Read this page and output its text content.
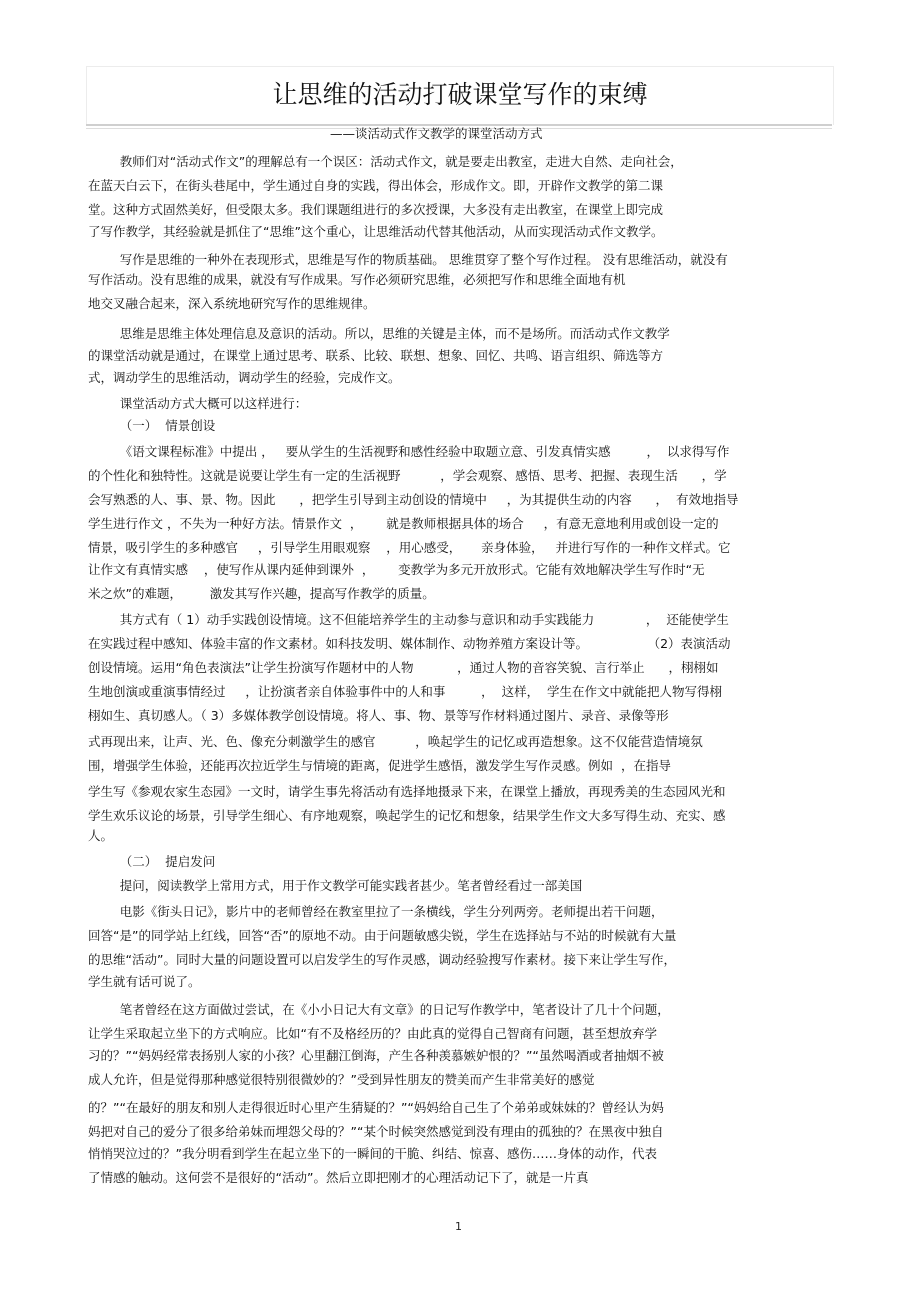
让思维的活动打破课堂写作的束缚
——谈活动式作文教学的课堂活动方式
教师们对“活动式作文”的理解总有一个误区：活动式作文，就是要走出教室，走进大自然、走向社会，
在蓝天白云下，在街头巷尾中，学生通过自身的实践，得出体会，形成作文。即，开辟作文教学的第二课
堂。这种方式固然美好，但受限太多。我们课题组进行的多次授课，大多没有走出教室，在课堂上即完成
了写作教学，其经验就是抓住了“思维”这个重心，让思维活动代替其他活动，从而实现活动式作文教学。
写作是思维的一种外在表现形式，思维是写作的物质基础。 思维贯穿了整个写作过程。 没有思维活动，就没有
写作活动。没有思维的成果，就没有写作成果。写作必须研究思维，必须把写作和思维全面地有机
地交叉融合起来，深入系统地研究写作的思维规律。
思维是思维主体处理信息及意识的活动。所以，思维的关键是主体，而不是场所。而活动式作文教学
的课堂活动就是通过，在课堂上通过思考、联系、比较、联想、想象、回忆、共鸣、语言组织、筛选等方
式，调动学生的思维活动，调动学生的经验，完成作文。
课堂活动方式大概可以这样进行：
（一）  情景创设
《语文课程标准》中提出 ，   要从学生的生活视野和感性经验中取题立意、引发真情实感         ，  以求得写作
的个性化和独特性。这就是说要让学生有一定的生活视野          ，学会观察、感悟、思考、把握、表现生活      ，学
会写熟悉的人、事、景、物。因此      ，把学生引导到主动创设的情境中     ，为其提供生动的内容      ，  有效地指导
学生进行作文 ，不失为一种好方法。情景作文  ，      就是教师根据具体的场合     ，有意无意地利用或创设一定的
情景，吸引学生的多种感官     ，引导学生用眼观察    ，用心感受，     亲身体验，   并进行写作的一种作文样式。它
让作文有真情实感    ，使写作从课内延伸到课外  ，      变教学为多元开放形式。它能有效地解决学生写作时“无
米之炊”的难题，       激发其写作兴趣，提高写作教学的质量。
其方式有（ 1）动手实践创设情境。这不但能培养学生的主动参与意识和动手实践能力             ，  还能使学生
在实践过程中感知、体验丰富的作文素材。如科技发明、媒体制作、动物养殖方案设计等。               （2）表演活动
创设情境。运用“角色表演法”让学生扮演写作题材中的人物           ，通过人物的音容笑貌、言行举止      ，栩栩如
生地创演或重演事情经过     ，让扮演者亲自体验事件中的人和事         ，  这样，  学生在作文中就能把人物写得栩
栩如生、真切感人。（ 3）多媒体教学创设情境。将人、事、物、景等写作材料通过图片、录音、录像等形
式再现出来，让声、光、色、像充分刺激学生的感官          ，唤起学生的记忆或再造想象。这不仅能营造情境氛
围，增强学生体验，还能再次拉近学生与情境的距离，促进学生感悟，激发学生写作灵感。例如  ，在指导
学生写《参观农家生态园》一文时，请学生事先将活动有选择地摄录下来，在课堂上播放，再现秀美的生态园风光和
学生欢乐议论的场景，引导学生细心、有序地观察，唤起学生的记忆和想象，结果学生作文大多写得生动、充实、感
人。
（二）  提启发问
提问，阅读教学上常用方式，用于作文教学可能实践者甚少。笔者曾经看过一部美国
电影《街头日记》，影片中的老师曾经在教室里拉了一条横线，学生分列两旁。老师提出若干问题，
回答“是”的同学站上红线，回答“否”的原地不动。由于问题敏感尖锐，学生在选择站与不站的时候就有大量
的思维“活动”。同时大量的问题设置可以启发学生的写作灵感，调动经验搜写作素材。接下来让学生写作，
学生就有话可说了。
笔者曾经在这方面做过尝试，在《小小日记大有文章》的日记写作教学中，笔者设计了几十个问题，
让学生采取起立坐下的方式响应。比如“有不及格经历的？由此真的觉得自己智商有问题，甚至想放弃学
习的？”“妈妈经常表扬别人家的小孩？心里翻江倒海，产生各种羡慕嫉妒恨的？”“虽然喝酒或者抽烟不被
成人允许，但是觉得那种感觉很特别很微妙的？”受到异性朋友的赞美而产生非常美好的感觉
的？”“在最好的朋友和别人走得很近时心里产生猜疑的？”“妈妈给自己生了个弟弟或妹妹的？曾经认为妈
妈把对自己的爱分了很多给弟妹而埋怨父母的？”“某个时候突然感觉到没有理由的孤独的？在黑夜中独自
悄悄哭泣过的？”我分明看到学生在起立坐下的一瞬间的干脆、纠结、惊喜、感伤……身体的动作，代表
了情感的触动。这何尝不是很好的“活动”。然后立即把刚才的心理活动记下了，就是一片真
1
